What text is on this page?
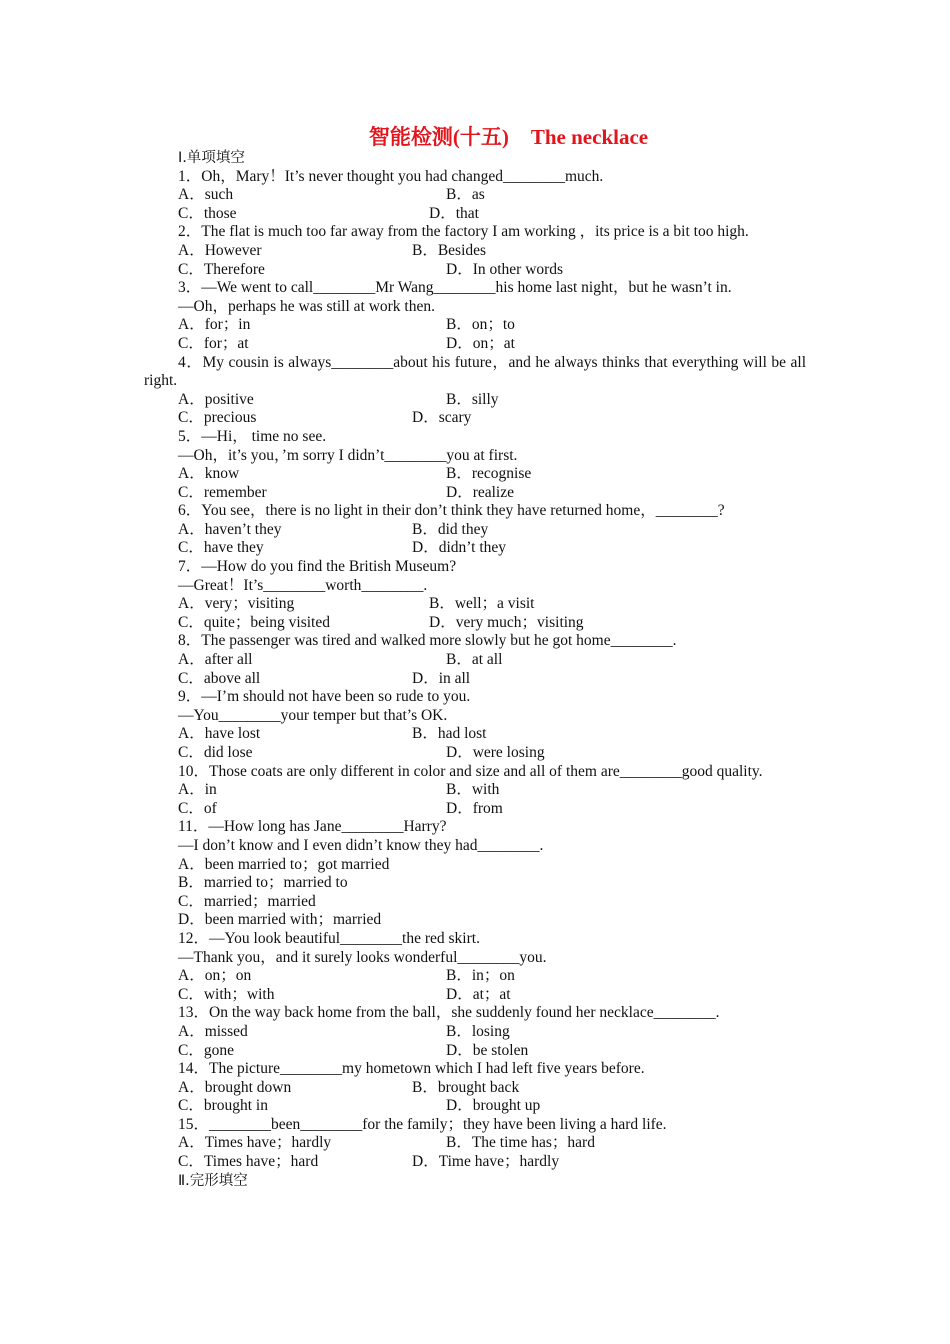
智能检测(十五) The necklace
Ⅰ.单项填空
1．Oh，Mary！It’s never thought you had changed________much.
A．such	B．as
C．those	D．that
2．The flat is much too far away from the factory I am working ，its price is a bit too high.
A．However	B．Besides
C．Therefore	D．In other words
3．—We went to call________Mr Wang________his home last night，but he wasn’t in.
—Oh，perhaps he was still at work then.
A．for；in	B．on；to
C．for；at	D．on；at
4．My cousin is always________about his future，and he always thinks that everything will be all right.
A．positive	B．silly
C．precious	D．scary
5．—Hi， time no see.
—Oh，it’s you，’m sorry I didn’t________you at first.
A．know	B．recognise
C．remember	D．realize
6．You see，there is no light in their don’t think they have returned home，________?
A．haven’t they	B．did they
C．have they	D．didn’t they
7．—How do you find the British Museum?
—Great！It’s________worth________.
A．very；visiting	B．well；a visit
C．quite；being visited	D．very much；visiting
8．The passenger was tired and walked more slowly but he got home________.
A．after all	B．at all
C．above all	D．in all
9．—I’m should not have been so rude to you.
—You________your temper but that’s OK.
A．have lost	B．had lost
C．did lose	D．were losing
10．Those coats are only different in color and size and all of them are________good quality.
A．in	B．with
C．of	D．from
11．—How long has Jane________Harry?
—I don’t know and I even didn’t know they had________.
A．been married to；got married
B．married to；married to
C．married；married
D．been married with；married
12．—You look beautiful________the red skirt.
—Thank you，and it surely looks wonderful________you.
A．on；on	B．in；on
C．with；with	D．at；at
13．On the way back home from the ball，she suddenly found her necklace________.
A．missed	B．losing
C．gone	D．be stolen
14．The picture________my hometown which I had left five years before.
A．brought down	B．brought back
C．brought in	D．brought up
15．________been________for the family；they have been living a hard life.
A．Times have；hardly	B．The time has；hard
C．Times have；hard	D．Time have；hardly
Ⅱ.完形填空
